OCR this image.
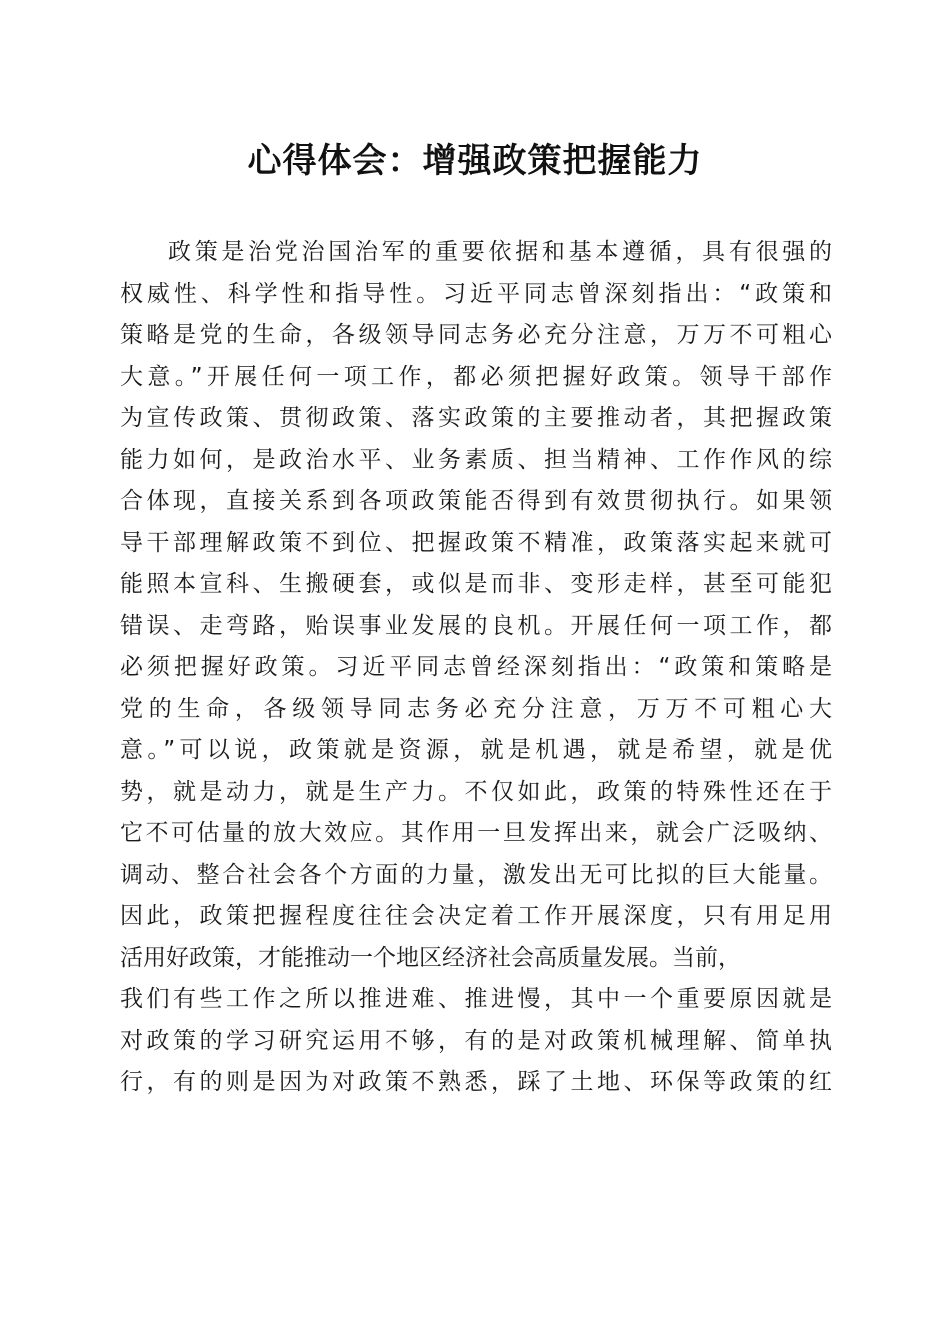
心得体会：增强政策把握能力
政策是治党治国治军的重要依据和基本遵循，具有很强的
权威性、科学性和指导性。习近平同志曾深刻指出：“政策和
策略是党的生命，各级领导同志务必充分注意，万万不可粗心
大意。”开展任何一项工作，都必须把握好政策。领导干部作
为宣传政策、贯彻政策、落实政策的主要推动者，其把握政策
能力如何，是政治水平、业务素质、担当精神、工作作风的综
合体现，直接关系到各项政策能否得到有效贯彻执行。如果领
导干部理解政策不到位、把握政策不精准，政策落实起来就可
能照本宣科、生搬硬套，或似是而非、变形走样，甚至可能犯
错误、走弯路，贻误事业发展的良机。开展任何一项工作，都
必须把握好政策。习近平同志曾经深刻指出：“政策和策略是
党的生命，各级领导同志务必充分注意，万万不可粗心大
意。”可以说，政策就是资源，就是机遇，就是希望，就是优
势，就是动力，就是生产力。不仅如此，政策的特殊性还在于
它不可估量的放大效应。其作用一旦发挥出来，就会广泛吸纳、
调动、整合社会各个方面的力量，激发出无可比拟的巨大能量。
因此，政策把握程度往往会决定着工作开展深度，只有用足用
活用好政策，才能推动一个地区经济社会高质量发展。当前，
我们有些工作之所以推进难、推进慢，其中一个重要原因就是
对政策的学习研究运用不够，有的是对政策机械理解、简单执
行，有的则是因为对政策不熟悉，踩了土地、环保等政策的红
